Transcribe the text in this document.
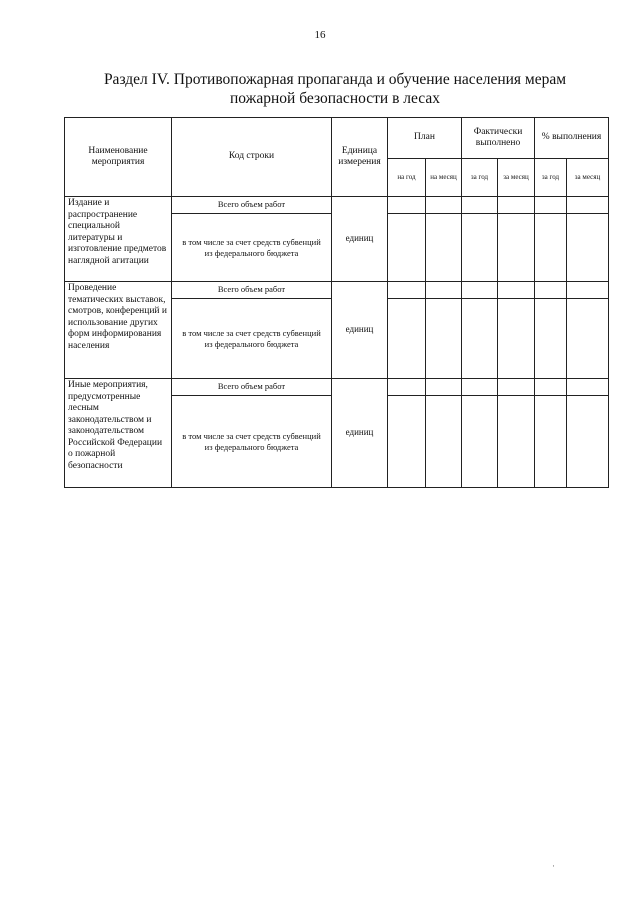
16
Раздел IV. Противопожарная пропаганда и обучение населения мерам
пожарной безопасности в лесах
Наименование мероприятия	Код строки	Единица измерения	План		Фактически выполнено		% выполнения	
			на год	на месяц	за год	за месяц	за год	за месяц
Издание и распространение специальной литературы и изготовление предметов наглядной агитации	Всего объем работ	единиц						
	в том числе за счет средств субвенций из федерального бюджета							
Проведение тематических выставок, смотров, конференций и использование других форм информирования населения	Всего объем работ	единиц						
	в том числе за счет средств субвенций из федерального бюджета							
Иные мероприятия, предусмотренные лесным законодательством и законодательством Российской Федерации о пожарной безопасности	Всего объем работ	единиц						
	в том числе за счет средств субвенций из федерального бюджета							
·
